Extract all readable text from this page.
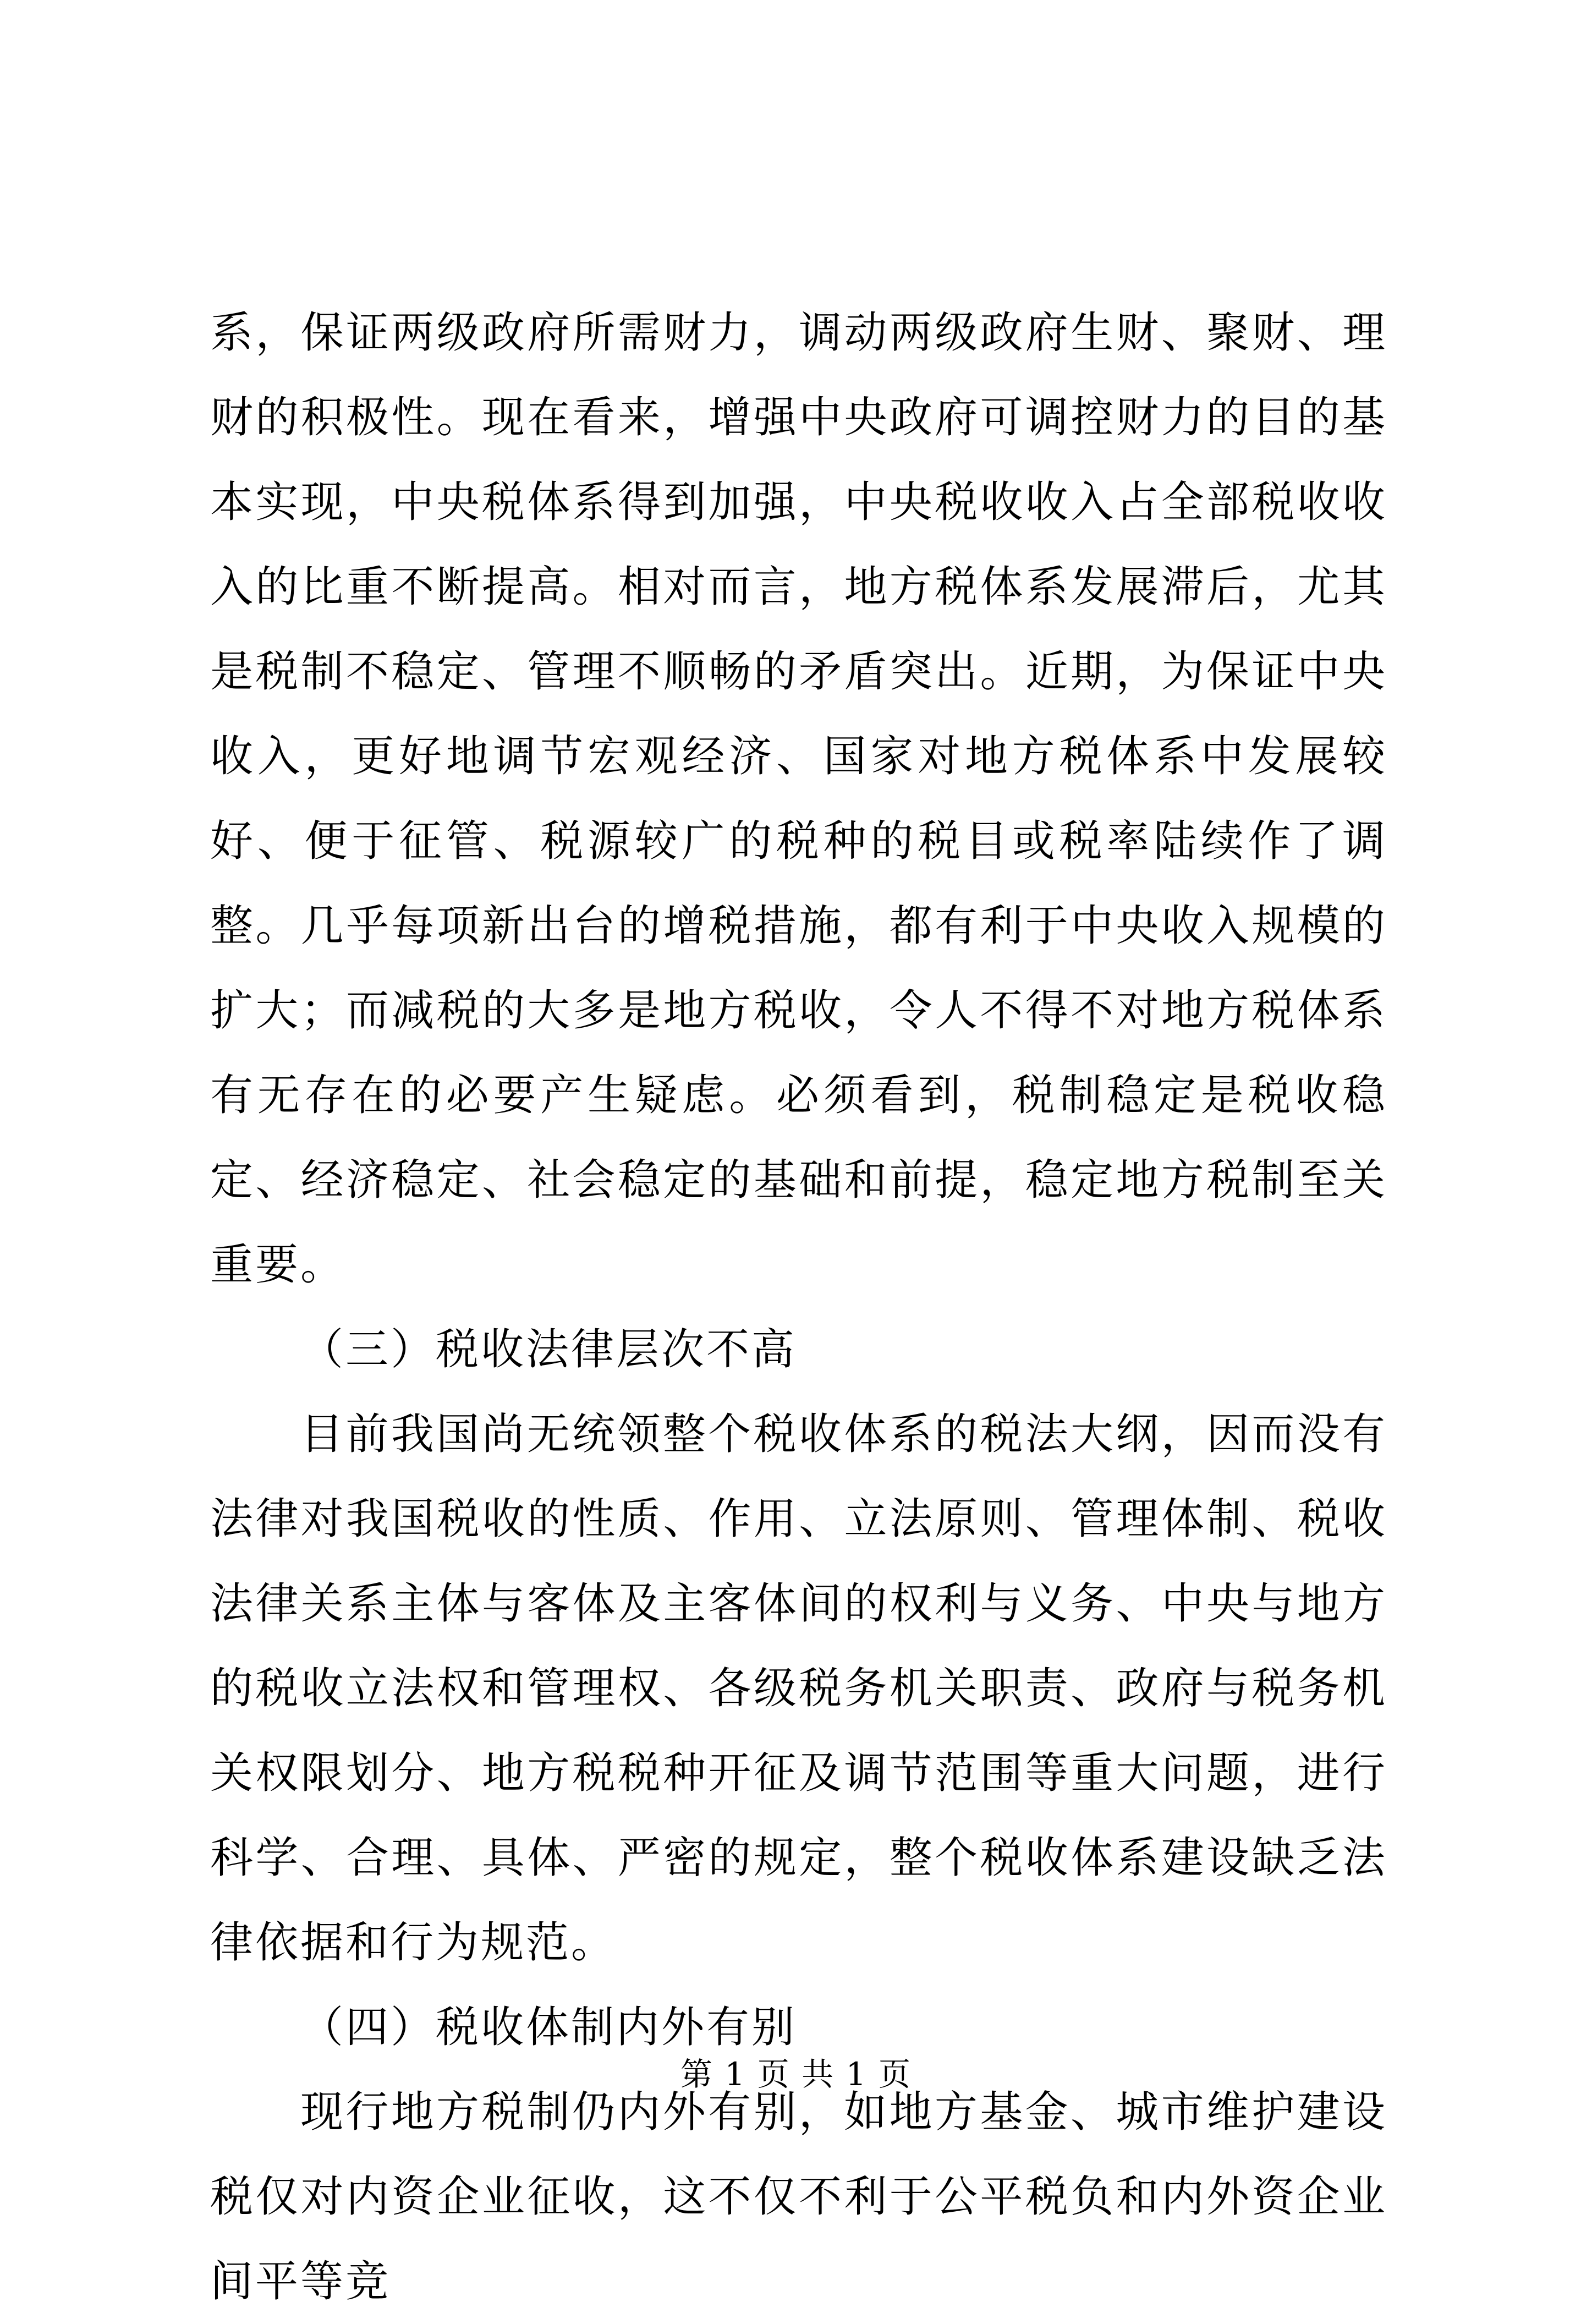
系，保证两级政府所需财力，调动两级政府生财、聚财、理财的积极性。现在看来，增强中央政府可调控财力的目的基本实现，中央税体系得到加强，中央税收收入占全部税收收入的比重不断提高。相对而言，地方税体系发展滞后，尤其是税制不稳定、管理不顺畅的矛盾突出。近期，为保证中央收入，更好地调节宏观经济、国家对地方税体系中发展较好、便于征管、税源较广的税种的税目或税率陆续作了调整。几乎每项新出台的增税措施，都有利于中央收入规模的扩大；而减税的大多是地方税收，令人不得不对地方税体系有无存在的必要产生疑虑。必须看到，税制稳定是税收稳定、经济稳定、社会稳定的基础和前提，稳定地方税制至关重要。

（三）税收法律层次不高

目前我国尚无统领整个税收体系的税法大纲，因而没有法律对我国税收的性质、作用、立法原则、管理体制、税收法律关系主体与客体及主客体间的权利与义务、中央与地方的税收立法权和管理权、各级税务机关职责、政府与税务机关权限划分、地方税税种开征及调节范围等重大问题，进行科学、合理、具体、严密的规定，整个税收体系建设缺乏法律依据和行为规范。

（四）税收体制内外有别

现行地方税制仍内外有别，如地方基金、城市维护建设税仅对内资企业征收，这不仅不利于公平税负和内外资企业间平等竞

第 1 页 共 1 页
